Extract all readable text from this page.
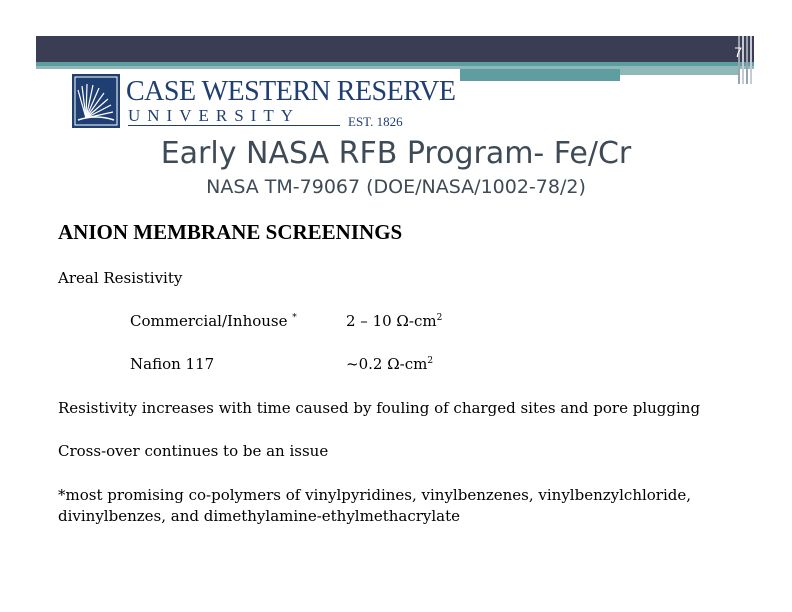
7
CASE WESTERN RESERVE
UNIVERSITY	EST. 1826
Early NASA RFB Program- Fe/Cr
NASA TM-79067 (DOE/NASA/1002-78/2)
ANION MEMBRANE SCREENINGS
Areal Resistivity
Commercial/Inhouse *	2 – 10 $\Omega-cm^2$
Nafion 117	~0.2 $\Omega-cm^2$
Resistivity increases with time caused by fouling of charged sites and pore plugging
Cross-over continues to be an issue
*most promising co-polymers of vinylpyridines, vinylbenzenes, vinylbenzylchloride,
divinylbenzes, and dimethylamine-ethylmethacrylate
